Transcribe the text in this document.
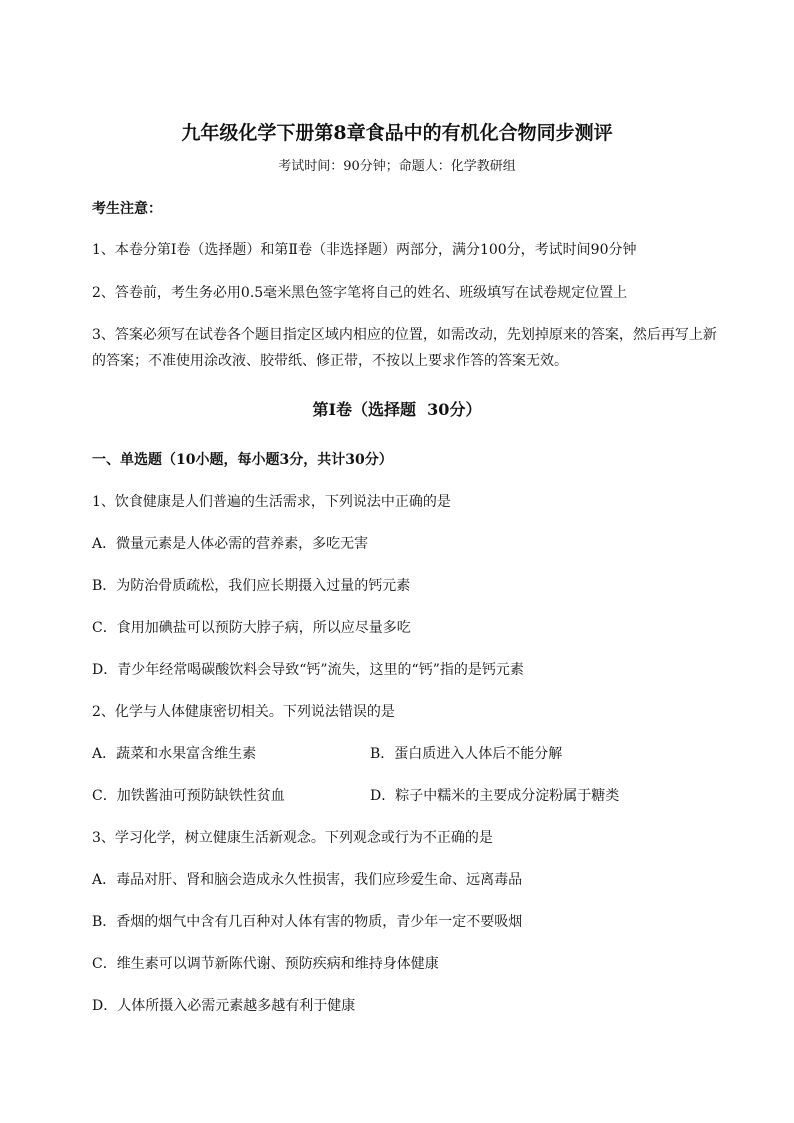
九年级化学下册第8章食品中的有机化合物同步测评
考试时间：90分钟；命题人：化学教研组
考生注意：
1、本卷分第I卷（选择题）和第Ⅱ卷（非选择题）两部分，满分100分，考试时间90分钟
2、答卷前，考生务必用0.5毫米黑色签字笔将自己的姓名、班级填写在试卷规定位置上
3、答案必须写在试卷各个题目指定区域内相应的位置，如需改动，先划掉原来的答案，然后再写上新
的答案；不准使用涂改液、胶带纸、修正带，不按以上要求作答的答案无效。
第I卷（选择题  30分）
一、单选题（10小题，每小题3分，共计30分）
1、饮食健康是人们普遍的生活需求，下列说法中正确的是
A．微量元素是人体必需的营养素，多吃无害
B．为防治骨质疏松，我们应长期摄入过量的钙元素
C．食用加碘盐可以预防大脖子病，所以应尽量多吃
D．青少年经常喝碳酸饮料会导致“钙”流失，这里的“钙”指的是钙元素
2、化学与人体健康密切相关。下列说法错误的是
A．蔬菜和水果富含维生素	B．蛋白质进入人体后不能分解
C．加铁酱油可预防缺铁性贫血	D．粽子中糯米的主要成分淀粉属于糖类
3、学习化学，树立健康生活新观念。下列观念或行为不正确的是
A．毒品对肝、肾和脑会造成永久性损害，我们应珍爱生命、远离毒品
B．香烟的烟气中含有几百种对人体有害的物质，青少年一定不要吸烟
C．维生素可以调节新陈代谢、预防疾病和维持身体健康
D．人体所摄入必需元素越多越有利于健康
